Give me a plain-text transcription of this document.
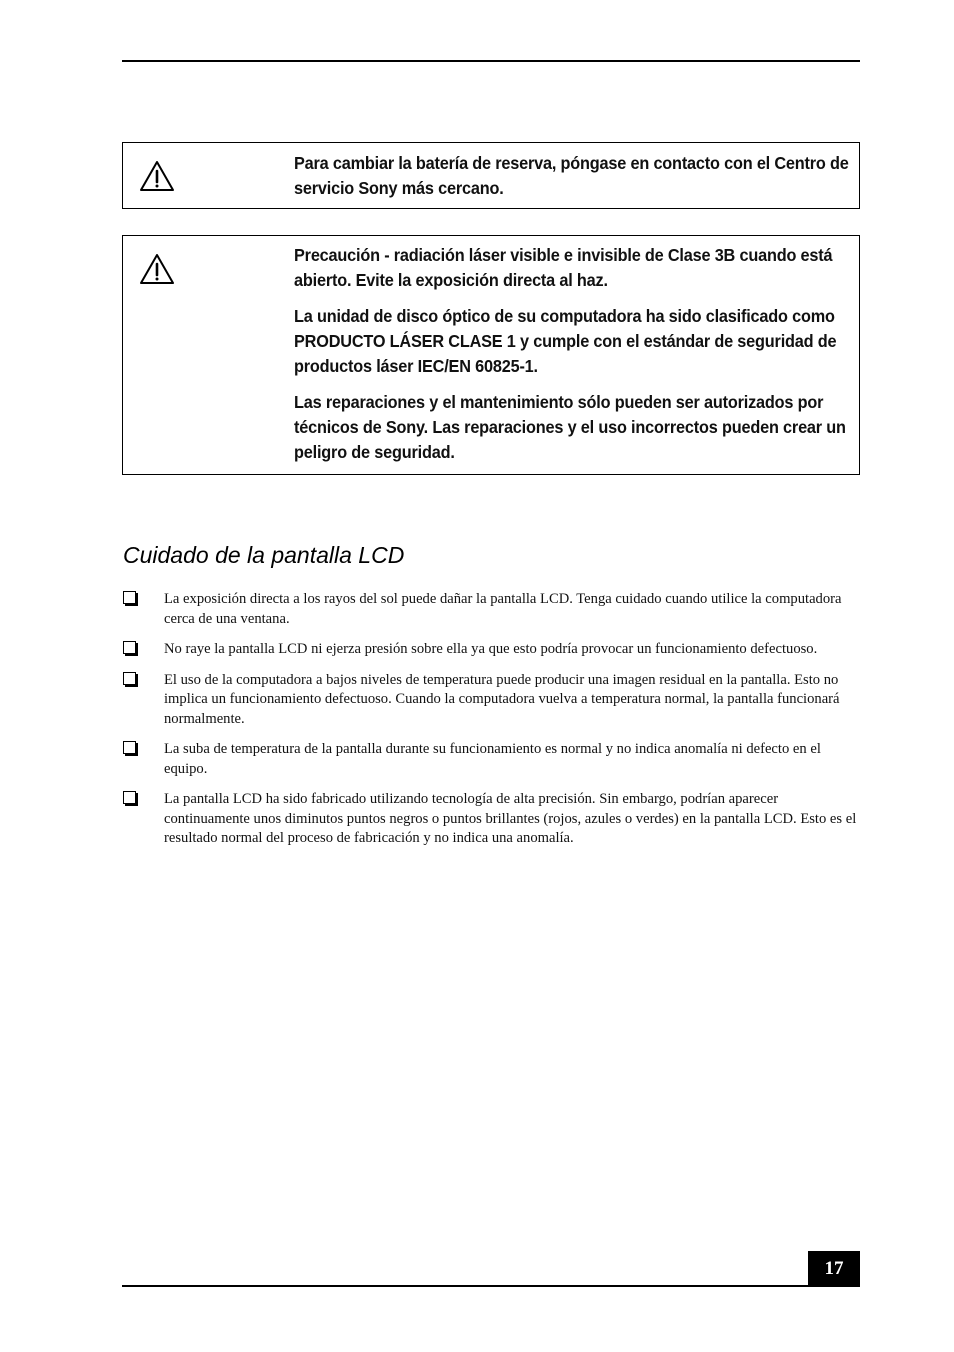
Para cambiar la batería de reserva, póngase en contacto con el Centro de servicio Sony más cercano.

Precaución - radiación láser visible e invisible de Clase 3B cuando está abierto. Evite la exposición directa al haz.

La unidad de disco óptico de su computadora ha sido clasificado como PRODUCTO LÁSER CLASE 1 y cumple con el estándar de seguridad de productos láser IEC/EN 60825-1.

Las reparaciones y el mantenimiento sólo pueden ser autorizados por técnicos de Sony. Las reparaciones y el uso incorrectos pueden crear un peligro de seguridad.

Cuidado de la pantalla LCD
La exposición directa a los rayos del sol puede dañar la pantalla LCD. Tenga cuidado cuando utilice la computadora cerca de una ventana.
No raye la pantalla LCD ni ejerza presión sobre ella ya que esto podría provocar un funcionamiento defectuoso.
El uso de la computadora a bajos niveles de temperatura puede producir una imagen residual en la pantalla. Esto no implica un funcionamiento defectuoso. Cuando la computadora vuelva a temperatura normal, la pantalla funcionará normalmente.
La suba de temperatura de la pantalla durante su funcionamiento es normal y no indica anomalía ni defecto en el equipo.
La pantalla LCD ha sido fabricado utilizando tecnología de alta precisión. Sin embargo, podrían aparecer continuamente unos diminutos puntos negros o puntos brillantes (rojos, azules o verdes) en la pantalla LCD. Esto es el resultado normal del proceso de fabricación y no indica una anomalía.
17
